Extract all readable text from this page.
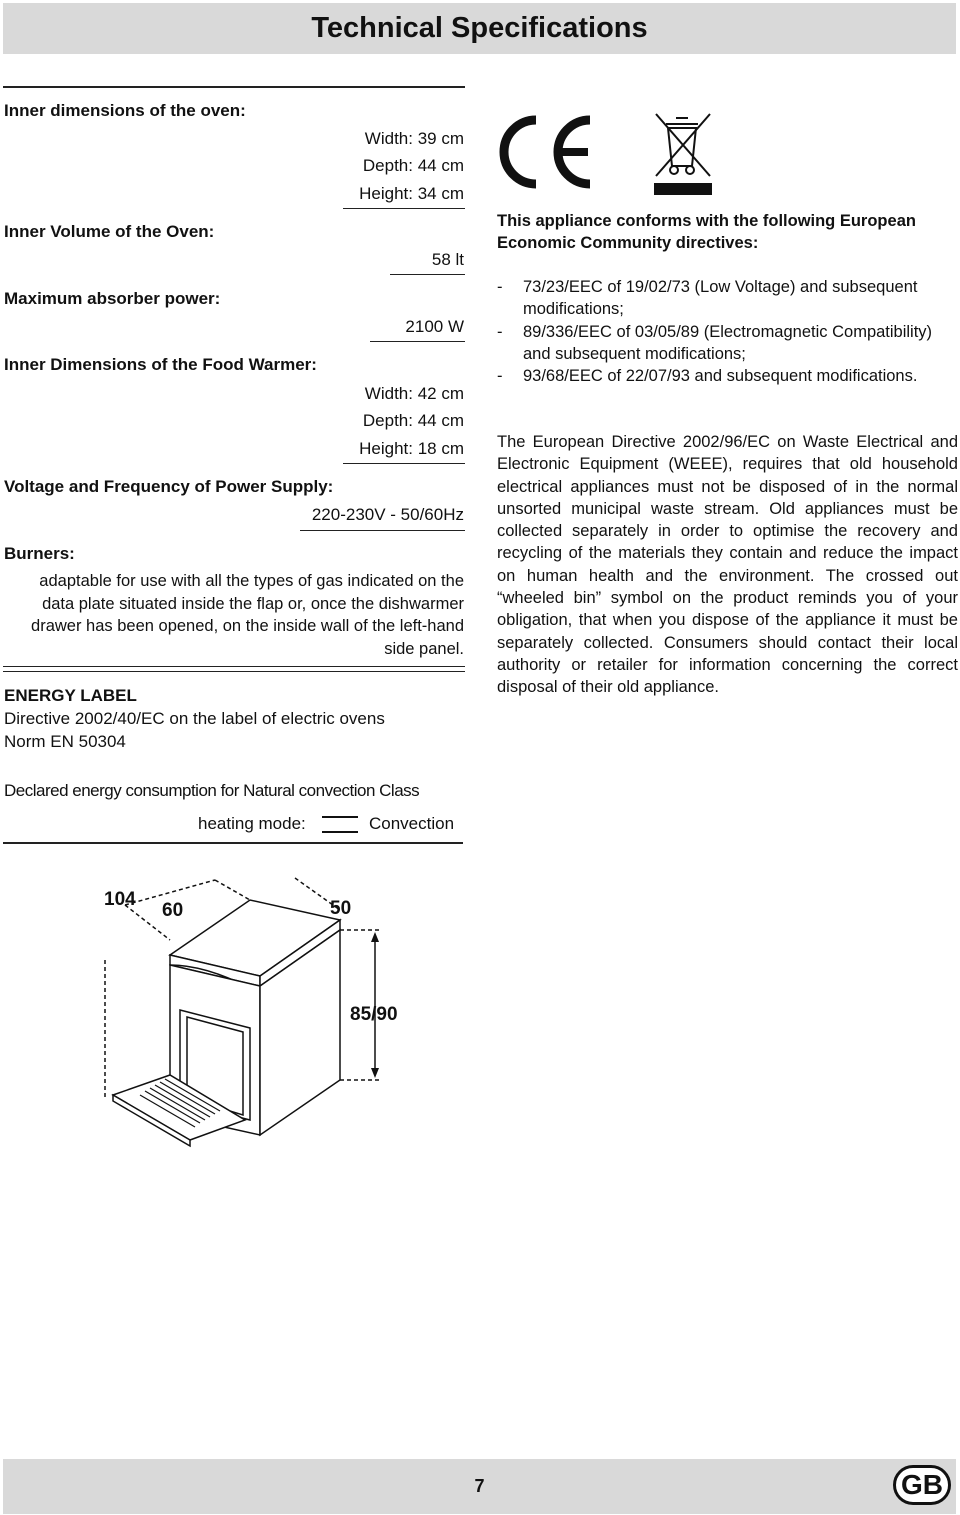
Technical Specifications
Inner dimensions of the oven:
Width: 39 cm
Depth: 44 cm
Height: 34 cm
Inner Volume of the Oven:
58 lt
Maximum absorber power:
2100 W
Inner Dimensions of the Food Warmer:
Width: 42 cm
Depth: 44 cm
Height: 18 cm
Voltage and Frequency of Power Supply:
220-230V - 50/60Hz
Burners:
adaptable for use with all the types of gas indicated on the data plate situated inside the flap or, once the dishwarmer drawer has been opened, on the inside wall of the left-hand side panel.
ENERGY LABEL
Directive 2002/40/EC on the label of electric ovens
Norm EN 50304
Declared energy consumption for Natural convection Class
heating mode:	Convection
104
60	50
85/90
This appliance conforms with the following European Economic Community directives:
- 73/23/EEC of 19/02/73 (Low Voltage) and subsequent modifications;
- 89/336/EEC of 03/05/89 (Electromagnetic Compatibility) and subsequent modifications;
- 93/68/EEC of 22/07/93 and subsequent modifications.
The European Directive 2002/96/EC on Waste Electrical and Electronic Equipment (WEEE), requires that old household electrical appliances must not be disposed of in the normal unsorted municipal waste stream. Old appliances must be collected separately in order to optimise the recovery and recycling of the materials they contain and reduce the impact on human health and the environment. The crossed out “wheeled bin” symbol on the product reminds you of your obligation, that when you dispose of the appliance it must be separately collected. Consumers should contact their local authority or retailer for information concerning the correct disposal of their old appliance.
7	GB
